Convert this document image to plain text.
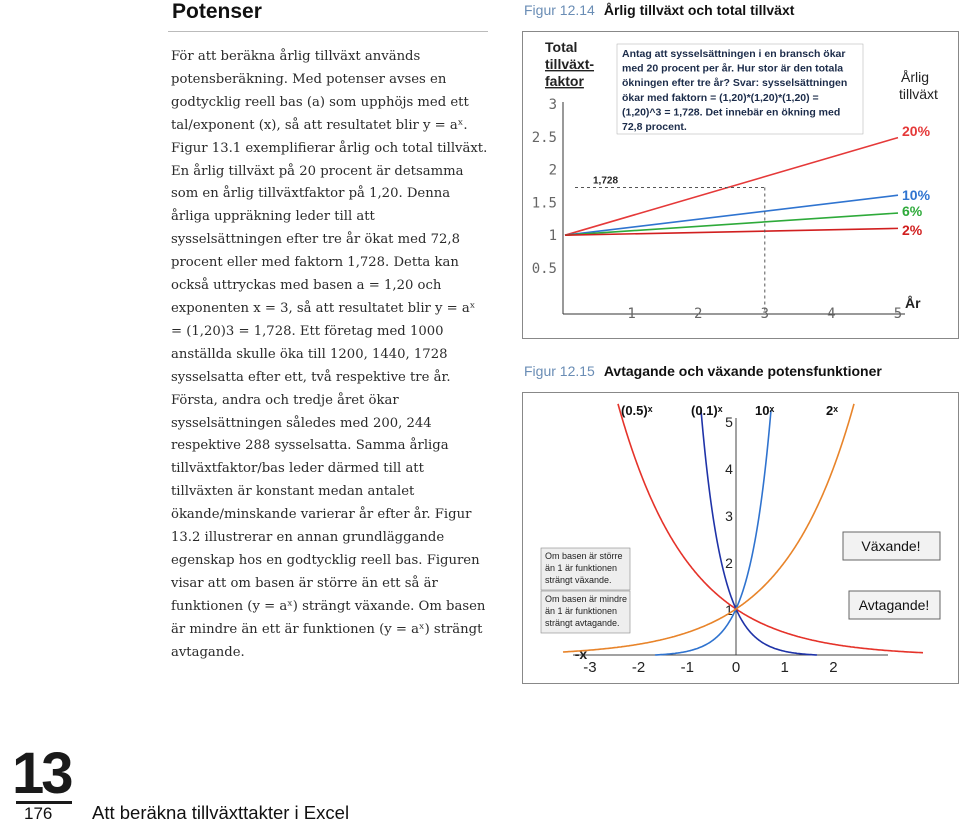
Potenser

För att beräkna årlig tillväxt används potensberäkning. Med potenser avses en godtycklig reell bas (a) som upphöjs med ett tal/exponent (x), så att resultatet blir y = aˣ. Figur 13.1 exemplifierar årlig och total tillväxt. En årlig tillväxt på 20 procent är detsamma som en årlig tillväxtfaktor på 1,20. Denna årliga uppräkning leder till att sysselsättningen efter tre år ökat med 72,8 procent eller med faktorn 1,728. Detta kan också uttryckas med basen a = 1,20 och exponenten x = 3, så att resultatet blir y = aˣ = (1,20)3 = 1,728. Ett företag med 1000 anställda skulle öka till 1200, 1440, 1728 sysselsatta efter ett, två respektive tre år. Första, andra och tredje året ökar sysselsättningen således med 200, 244 respektive 288 sysselsatta. Samma årliga tillväxtfaktor/bas leder därmed till att tillväxten är konstant medan antalet ökande/minskande varierar år efter år. Figur 13.2 illustrerar en annan grundläggande egenskap hos en godtycklig reell bas. Figuren visar att om basen är större än ett så är funktionen (y = aˣ) strängt växande. Om basen är mindre än ett är funktionen (y = aˣ) strängt avtagande.

Figur 12.14 Årlig tillväxt och total tillväxt
0.5
1
1.5
2
2.5
3
1	2	3	4	5
Total tillväxt-faktor
20%
10%
6%
2%
Årlig tillväxt
1,728
Antag att sysselsättningen i en bransch ökar med 20 procent per år. Hur stor är den totala ökningen efter tre år? Svar: sysselsättningen ökar med faktorn = (1,20)*(1,20)*(1,20) = (1,20)^3 = 1,728. Det innebär en ökning med 72,8 procent.
År
Figur 12.15 Avtagande och växande potensfunktioner
1
2
3
4
5
-3 -2 -1	0	1	2
-x
(0.5)ˣ	(0.1)ˣ	10ˣ	2ˣ
Växande!
Avtagande!
Om basen är större än 1 är funktionen strängt växande.
Om basen är mindre än 1 är funktionen strängt avtagande.
13
176 Att beräkna tillväxttakter i Excel
